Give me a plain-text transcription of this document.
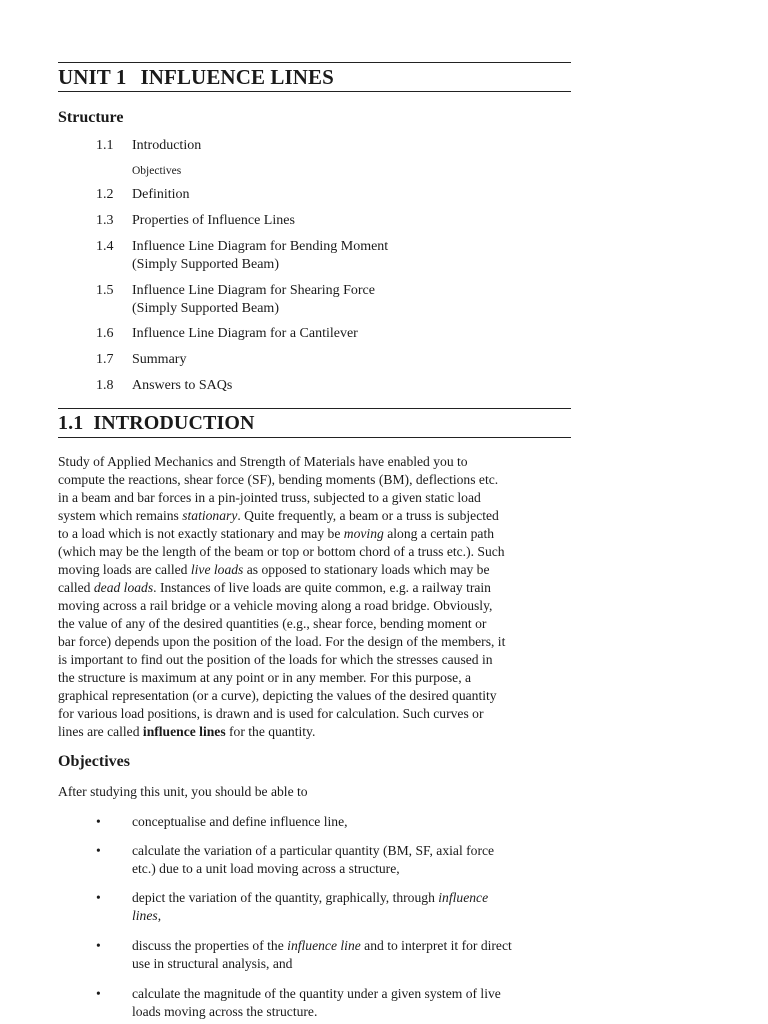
UNIT 1 INFLUENCE LINES
Structure
1.1	Introduction
Objectives
1.2	Definition
1.3	Properties of Influence Lines
1.4	Influence Line Diagram for Bending Moment
(Simply Supported Beam)
1.5	Influence Line Diagram for Shearing Force
(Simply Supported Beam)
1.6	Influence Line Diagram for a Cantilever
1.7	Summary
1.8	Answers to SAQs
1.1 INTRODUCTION
Study of Applied Mechanics and Strength of Materials have enabled you to
compute the reactions, shear force (SF), bending moments (BM), deflections etc.
in a beam and bar forces in a pin-jointed truss, subjected to a given static load
system which remains stationary. Quite frequently, a beam or a truss is subjected
to a load which is not exactly stationary and may be moving along a certain path
(which may be the length of the beam or top or bottom chord of a truss etc.). Such
moving loads are called live loads as opposed to stationary loads which may be
called dead loads. Instances of live loads are quite common, e.g. a railway train
moving across a rail bridge or a vehicle moving along a road bridge. Obviously,
the value of any of the desired quantities (e.g., shear force, bending moment or
bar force) depends upon the position of the load. For the design of the members, it
is important to find out the position of the loads for which the stresses caused in
the structure is maximum at any point or in any member. For this purpose, a
graphical representation (or a curve), depicting the values of the desired quantity
for various load positions, is drawn and is used for calculation. Such curves or
lines are called influence lines for the quantity.
Objectives
After studying this unit, you should be able to
• conceptualise and define influence line,
• calculate the variation of a particular quantity (BM, SF, axial force
etc.) due to a unit load moving across a structure,
• depict the variation of the quantity, graphically, through influence
lines,
• discuss the properties of the influence line and to interpret it for direct
use in structural analysis, and
• calculate the magnitude of the quantity under a given system of live
loads moving across the structure.
